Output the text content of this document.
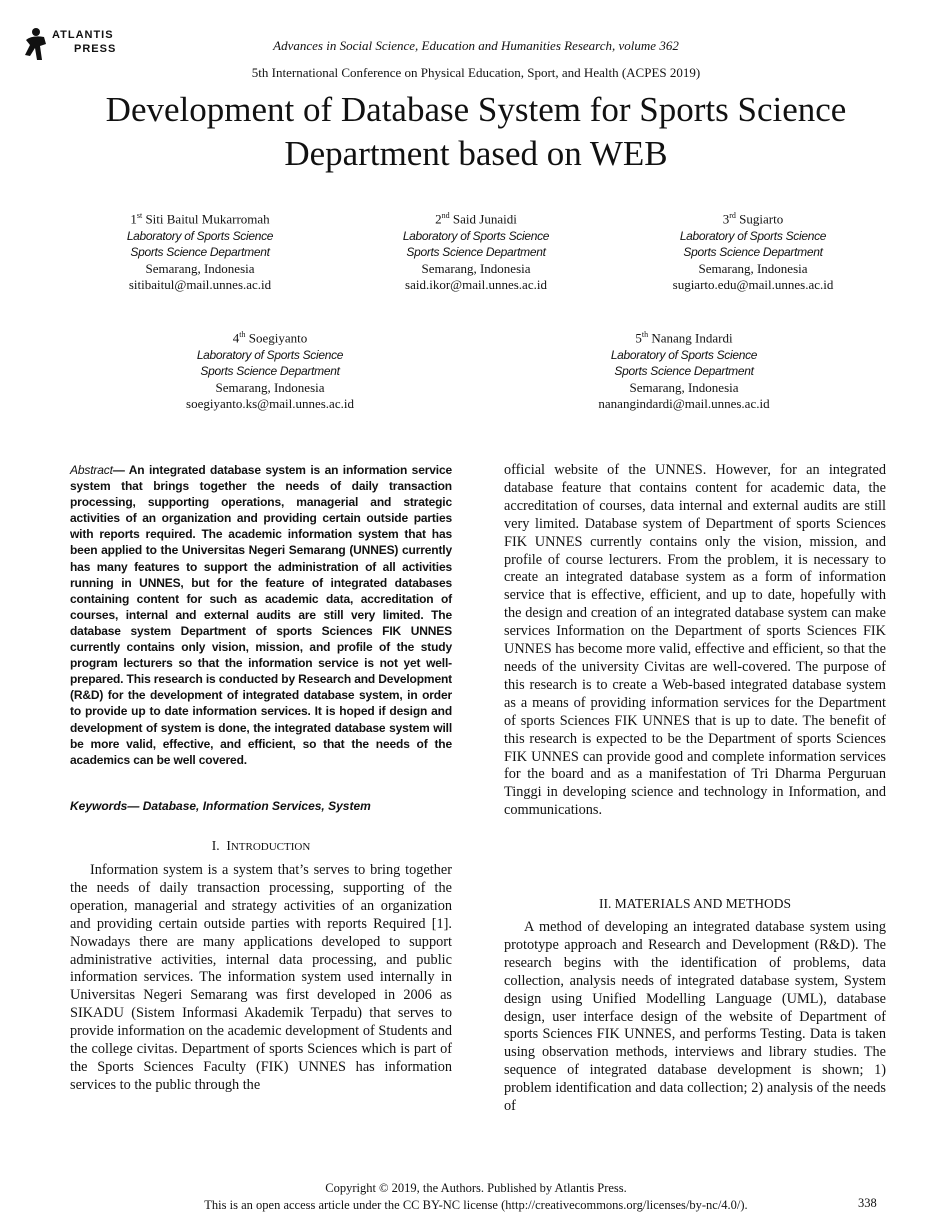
ATLANTIS
PRESS	Advances in Social Science, Education and Humanities Research, volume 362
5th International Conference on Physical Education, Sport, and Health (ACPES 2019)
Development of Database System for Sports Science
Department based on WEB
1st Siti Baitul Mukarromah
Laboratory of Sports Science
Sports Science Department
Semarang, Indonesia
sitibaitul@mail.unnes.ac.id
2nd Said Junaidi
Laboratory of Sports Science
Sports Science Department
Semarang, Indonesia
said.ikor@mail.unnes.ac.id
3rd Sugiarto
Laboratory of Sports Science
Sports Science Department
Semarang, Indonesia
sugiarto.edu@mail.unnes.ac.id
4th Soegiyanto
Laboratory of Sports Science
Sports Science Department
Semarang, Indonesia
soegiyanto.ks@mail.unnes.ac.id
5th Nanang Indardi
Laboratory of Sports Science
Sports Science Department
Semarang, Indonesia
nanangindardi@mail.unnes.ac.id
Abstract— An integrated database system is an information service system that brings together the needs of daily transaction processing, supporting operations, managerial and strategic activities of an organization and providing certain outside parties with reports required. The academic information system that has been applied to the Universitas Negeri Semarang (UNNES) currently has many features to support the administration of all activities running in UNNES, but for the feature of integrated databases containing content for such as academic data, accreditation of courses, internal and external audits are still very limited. The database system Department of sports Sciences FIK UNNES currently contains only vision, mission, and profile of the study program lecturers so that the information service is not yet well-prepared. This research is conducted by Research and Development (R&D) for the development of integrated database system, in order to provide up to date information services. It is hoped if design and development of system is done, the integrated database system will be more valid, effective, and efficient, so that the needs of the academics can be well covered.
Keywords— Database, Information Services, System
I. INTRODUCTION
Information system is a system that’s serves to bring together the needs of daily transaction processing, supporting of the operation, managerial and strategy activities of an organization and providing certain outside parties with reports Required [1]. Nowadays there are many applications developed to support administrative activities, internal data processing, and public information services. The information system used internally in Universitas Negeri Semarang was first developed in 2006 as SIKADU (Sistem Informasi Akademik Terpadu) that serves to provide information on the academic development of Students and the college civitas. Department of sports Sciences which is part of the Sports Sciences Faculty (FIK) UNNES has information services to the public through the
official website of the UNNES. However, for an integrated database feature that contains content for academic data, the accreditation of courses, data internal and external audits are still very limited. Database system of Department of sports Sciences FIK UNNES currently contains only the vision, mission, and profile of course lecturers. From the problem, it is necessary to create an integrated database system as a form of information service that is effective, efficient, and up to date, hopefully with the design and creation of an integrated database system can make services Information on the Department of sports Sciences FIK UNNES has become more valid, effective and efficient, so that the needs of the university Civitas are well-covered. The purpose of this research is to create a Web-based integrated database system as a means of providing information services for the Department of sports Sciences FIK UNNES that is up to date. The benefit of this research is expected to be the Department of sports Sciences FIK UNNES can provide good and complete information services for the board and as a manifestation of Tri Dharma Perguruan Tinggi in developing science and technology in Information, and communications.
II. MATERIALS AND METHODS
A method of developing an integrated database system using prototype approach and Research and Development (R&D). The research begins with the identification of problems, data collection, analysis needs of integrated database system, System design using Unified Modelling Language (UML), database design, user interface design of the website of Department of sports Sciences FIK UNNES, and performs Testing. Data is taken using observation methods, interviews and library studies. The sequence of integrated database development is shown; 1) problem identification and data collection; 2) analysis of the needs of
Copyright © 2019, the Authors. Published by Atlantis Press.
This is an open access article under the CC BY-NC license (http://creativecommons.org/licenses/by-nc/4.0/).	338
